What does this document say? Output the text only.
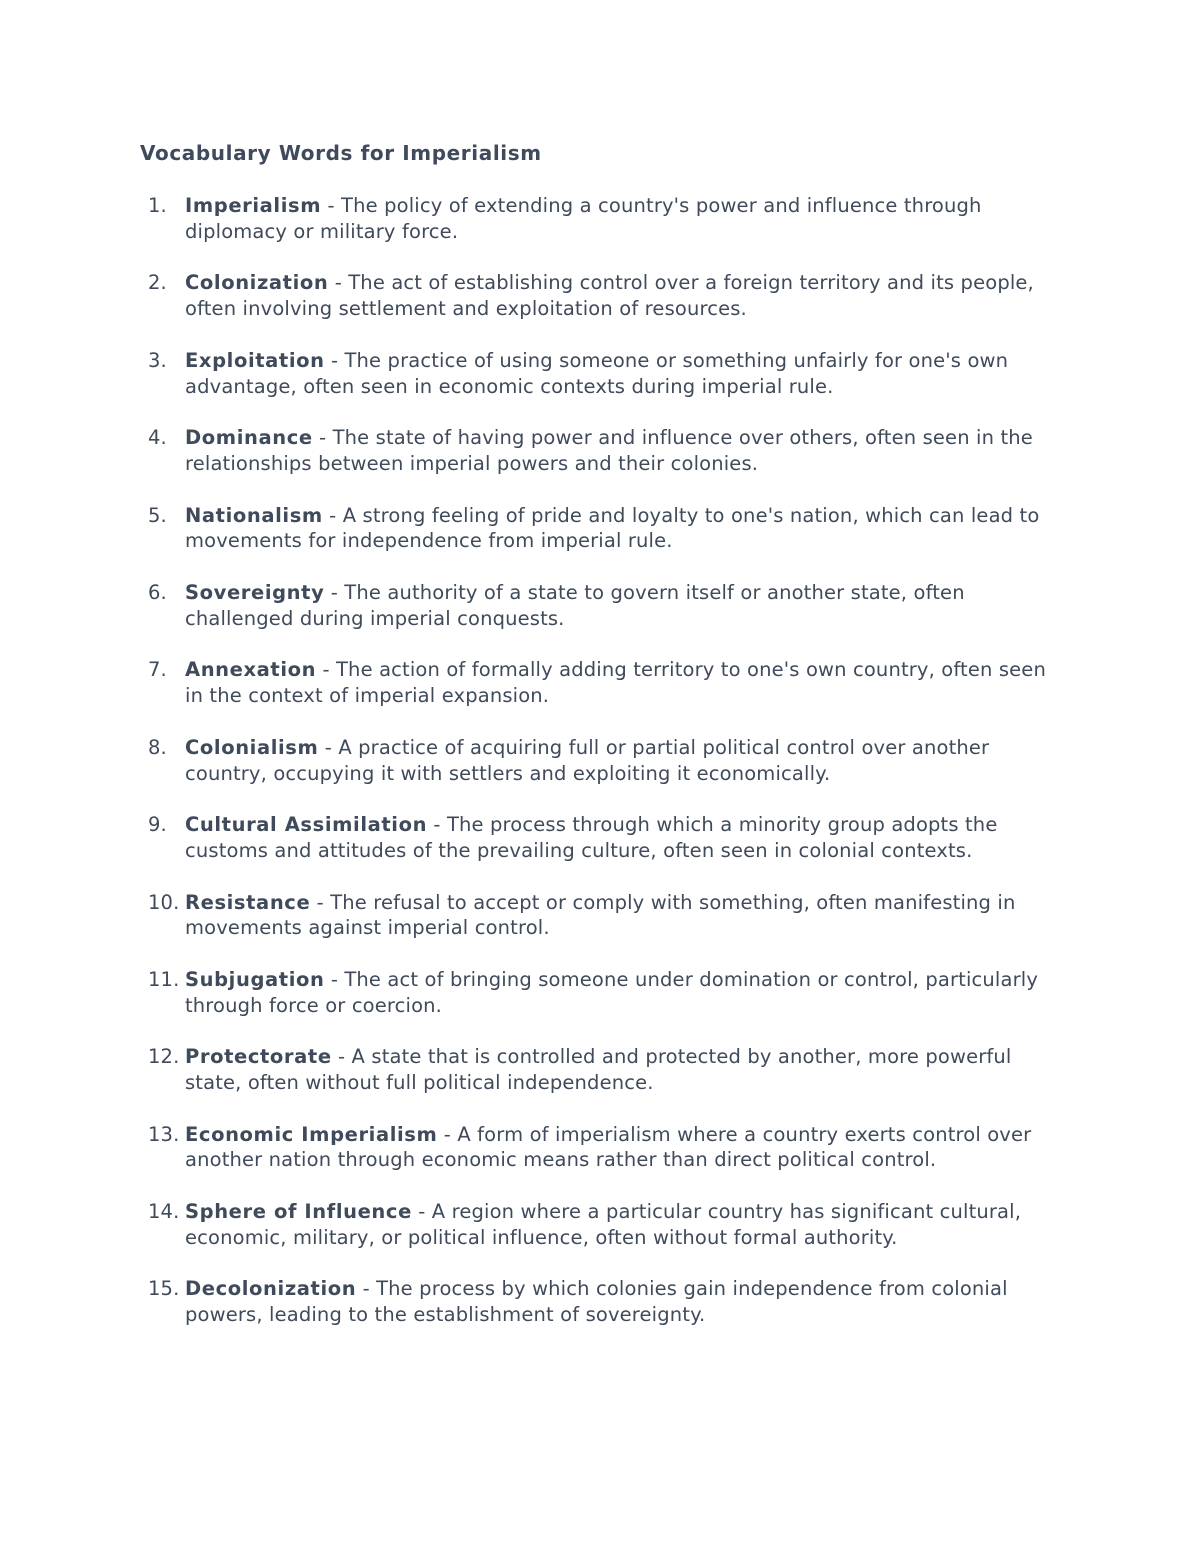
Vocabulary Words for Imperialism
1. Imperialism - The policy of extending a country's power and influence through diplomacy or military force.
2. Colonization - The act of establishing control over a foreign territory and its people, often involving settlement and exploitation of resources.
3. Exploitation - The practice of using someone or something unfairly for one's own advantage, often seen in economic contexts during imperial rule.
4. Dominance - The state of having power and influence over others, often seen in the relationships between imperial powers and their colonies.
5. Nationalism - A strong feeling of pride and loyalty to one's nation, which can lead to movements for independence from imperial rule.
6. Sovereignty - The authority of a state to govern itself or another state, often challenged during imperial conquests.
7. Annexation - The action of formally adding territory to one's own country, often seen in the context of imperial expansion.
8. Colonialism - A practice of acquiring full or partial political control over another country, occupying it with settlers and exploiting it economically.
9. Cultural Assimilation - The process through which a minority group adopts the customs and attitudes of the prevailing culture, often seen in colonial contexts.
10. Resistance - The refusal to accept or comply with something, often manifesting in movements against imperial control.
11. Subjugation - The act of bringing someone under domination or control, particularly through force or coercion.
12. Protectorate - A state that is controlled and protected by another, more powerful state, often without full political independence.
13. Economic Imperialism - A form of imperialism where a country exerts control over another nation through economic means rather than direct political control.
14. Sphere of Influence - A region where a particular country has significant cultural, economic, military, or political influence, often without formal authority.
15. Decolonization - The process by which colonies gain independence from colonial powers, leading to the establishment of sovereignty.
